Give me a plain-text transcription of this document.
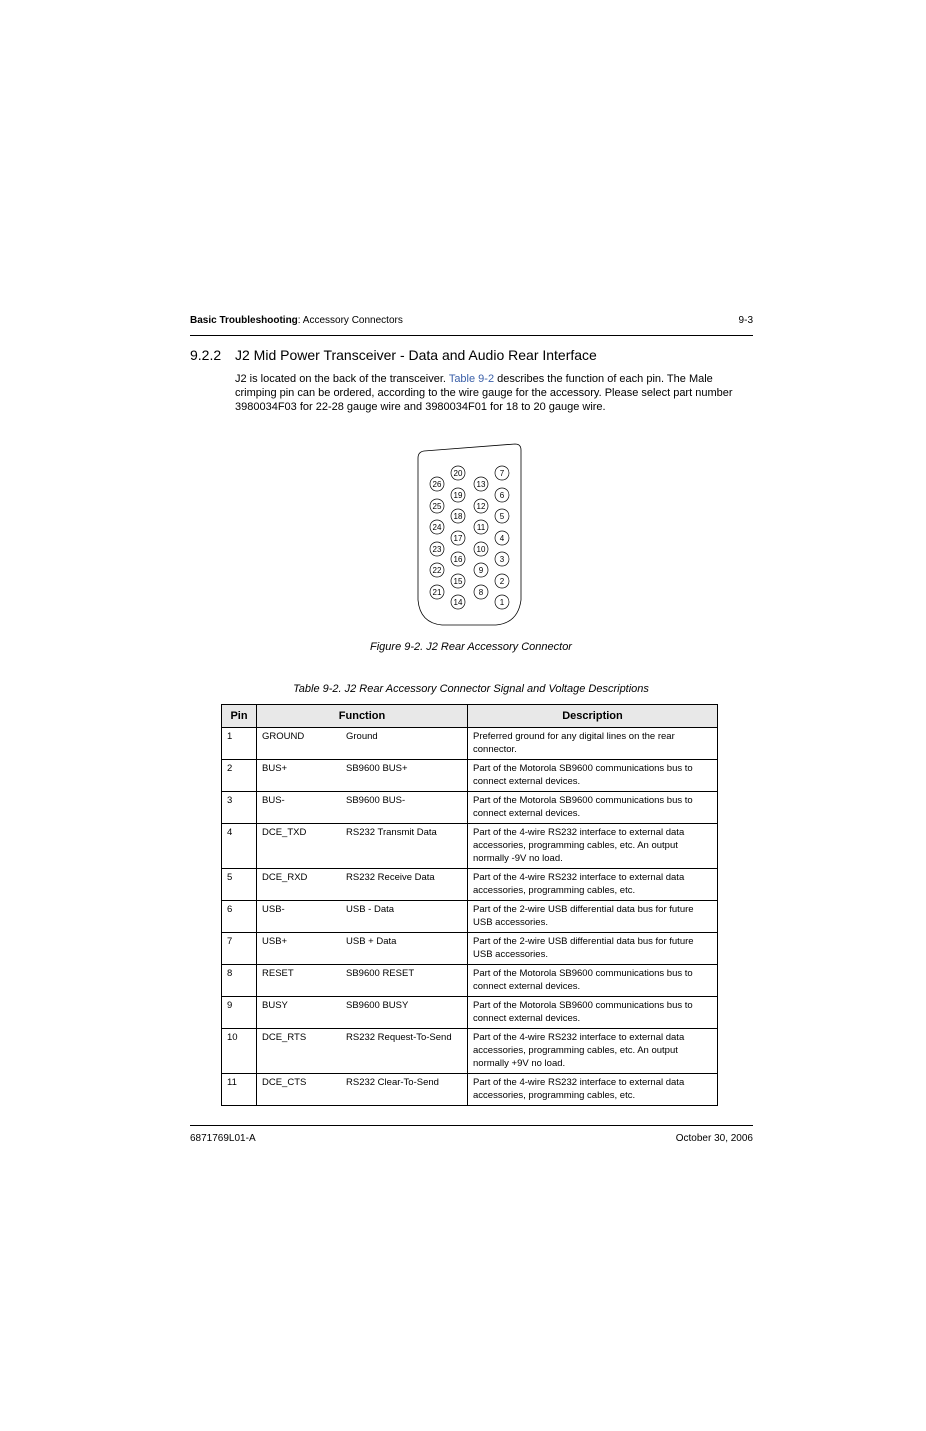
Basic Troubleshooting: Accessory Connectors	9-3
9.2.2 J2 Mid Power Transceiver - Data and Audio Rear Interface

J2 is located on the back of the transceiver. Table 9-2 describes the function of each pin. The Male crimping pin can be ordered, according to the wire gauge for the accessory. Please select part number 3980034F03 for 22-28 gauge wire and 3980034F01 for 18 to 20 gauge wire.

20	7
26	13
19	6
25	12
18	5
24	11
17	4
23	10
16	3
22	9
15	2
21	8
14	1
Figure 9-2. J2 Rear Accessory Connector
Table 9-2. J2 Rear Accessory Connector Signal and Voltage Descriptions
Pin	Function		Description
1	GROUND	Ground	Preferred ground for any digital lines on the rear connector.
2	BUS+	SB9600 BUS+	Part of the Motorola SB9600 communications bus to connect external devices.
3	BUS-	SB9600 BUS-	Part of the Motorola SB9600 communications bus to connect external devices.
4	DCE_TXD	RS232 Transmit Data	Part of the 4-wire RS232 interface to external data accessories, programming cables, etc. An output normally -9V no load.
5	DCE_RXD	RS232 Receive Data	Part of the 4-wire RS232 interface to external data accessories, programming cables, etc.
6	USB-	USB - Data	Part of the 2-wire USB differential data bus for future USB accessories.
7	USB+	USB + Data	Part of the 2-wire USB differential data bus for future USB accessories.
8	RESET	SB9600 RESET	Part of the Motorola SB9600 communications bus to connect external devices.
9	BUSY	SB9600 BUSY	Part of the Motorola SB9600 communications bus to connect external devices.
10	DCE_RTS	RS232 Request-To-Send	Part of the 4-wire RS232 interface to external data accessories, programming cables, etc. An output normally +9V no load.
11	DCE_CTS	RS232 Clear-To-Send	Part of the 4-wire RS232 interface to external data accessories, programming cables, etc.
6871769L01-A	October 30, 2006
